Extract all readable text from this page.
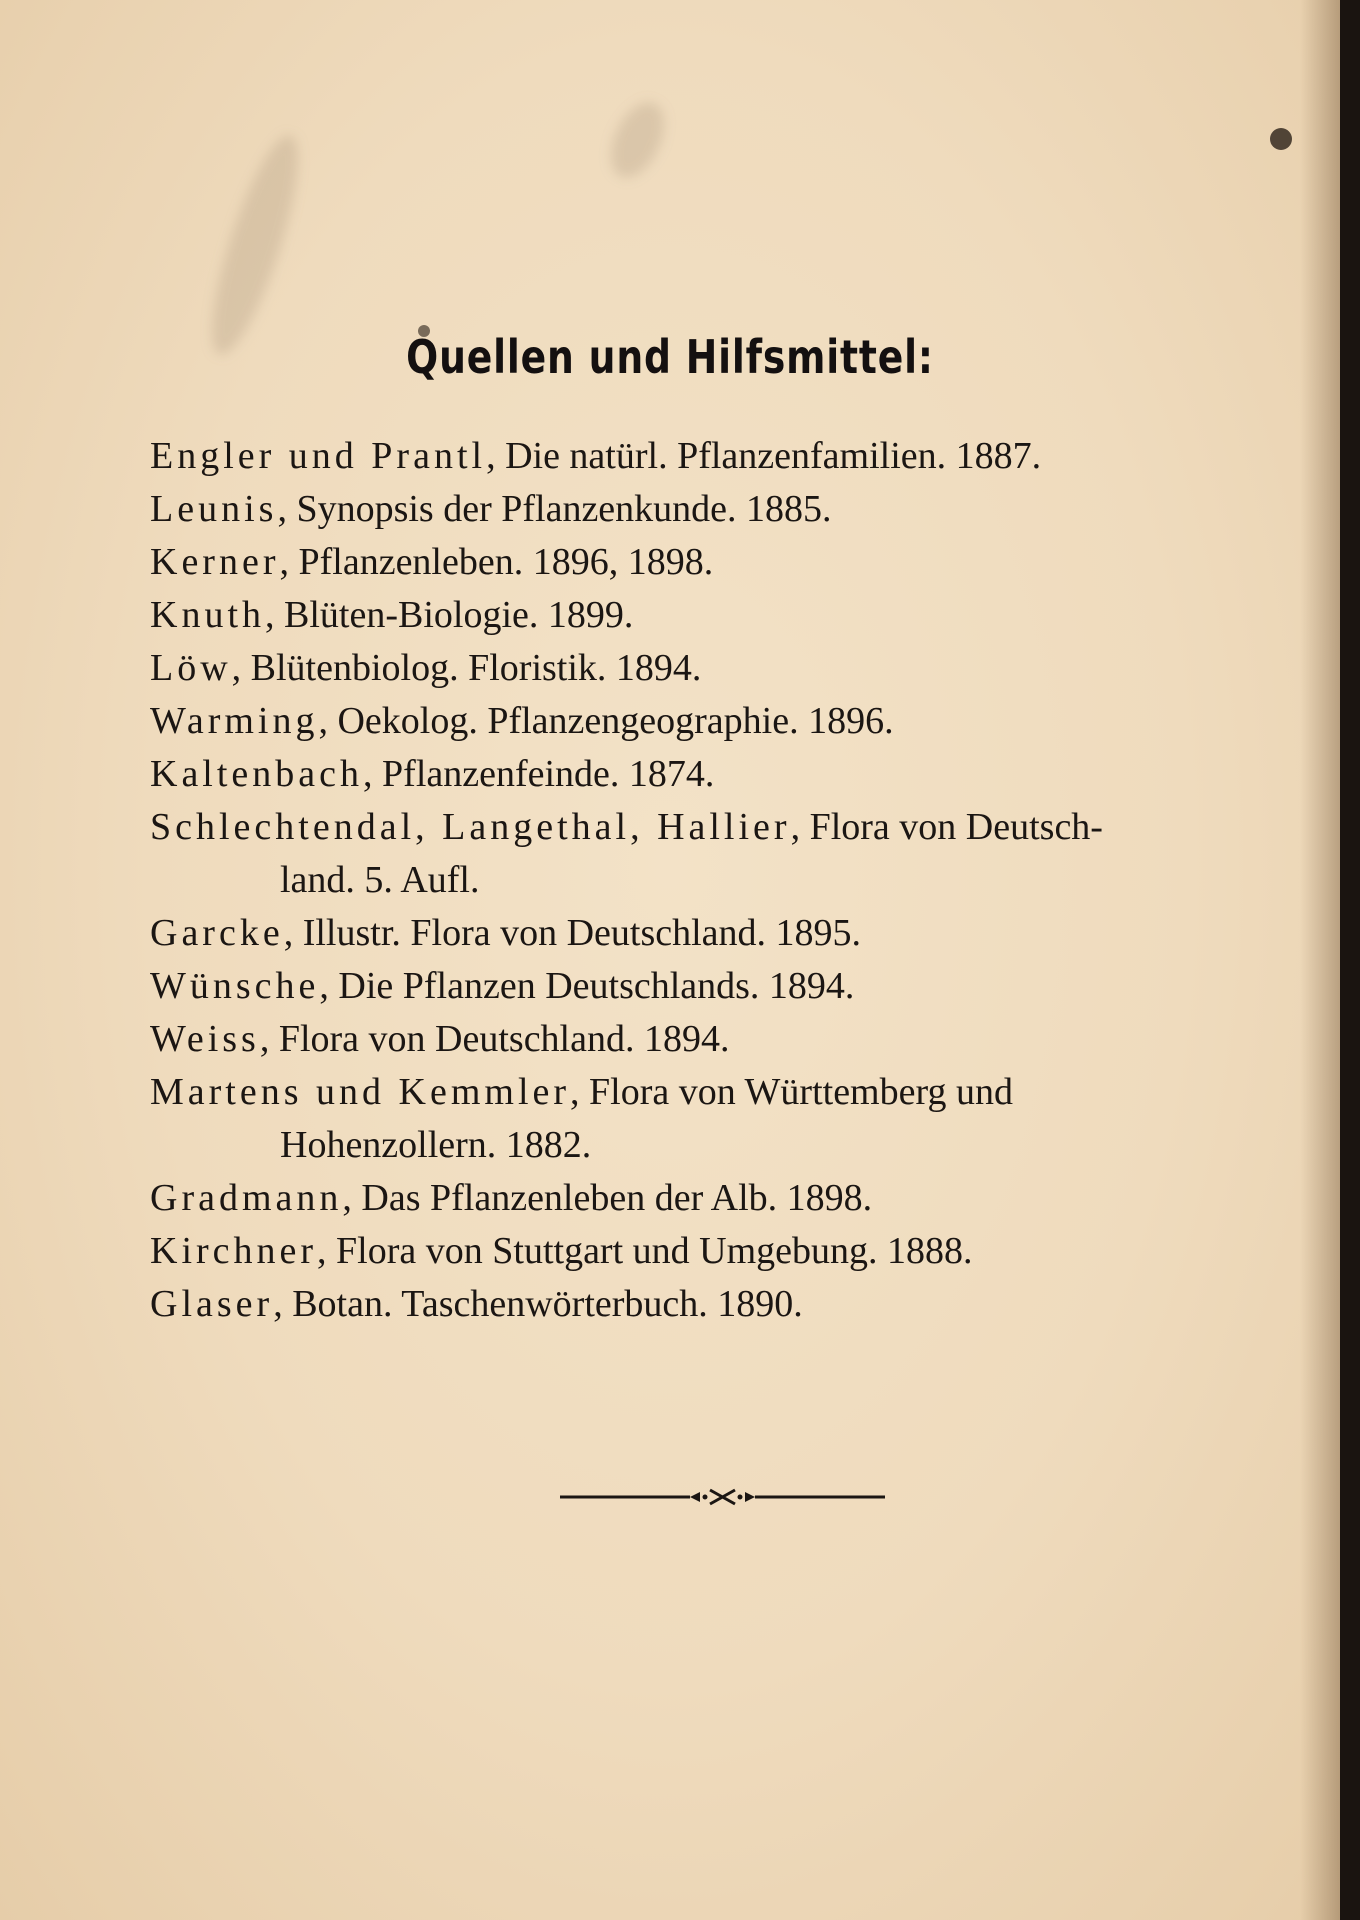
Quellen und Hilfsmittel:
Engler und Prantl, Die natürl. Pflanzenfamilien. 1887.
Leunis, Synopsis der Pflanzenkunde. 1885.
Kerner, Pflanzenleben. 1896, 1898.
Knuth, Blüten-Biologie. 1899.
Löw, Blütenbiolog. Floristik. 1894.
Warming, Oekolog. Pflanzengeographie. 1896.
Kaltenbach, Pflanzenfeinde. 1874.
Schlechtendal, Langethal, Hallier, Flora von Deutsch-
land. 5. Aufl.
Garcke, Illustr. Flora von Deutschland. 1895.
Wünsche, Die Pflanzen Deutschlands. 1894.
Weiss, Flora von Deutschland. 1894.
Martens und Kemmler, Flora von Württemberg und
Hohenzollern. 1882.
Gradmann, Das Pflanzenleben der Alb. 1898.
Kirchner, Flora von Stuttgart und Umgebung. 1888.
Glaser, Botan. Taschenwörterbuch. 1890.
